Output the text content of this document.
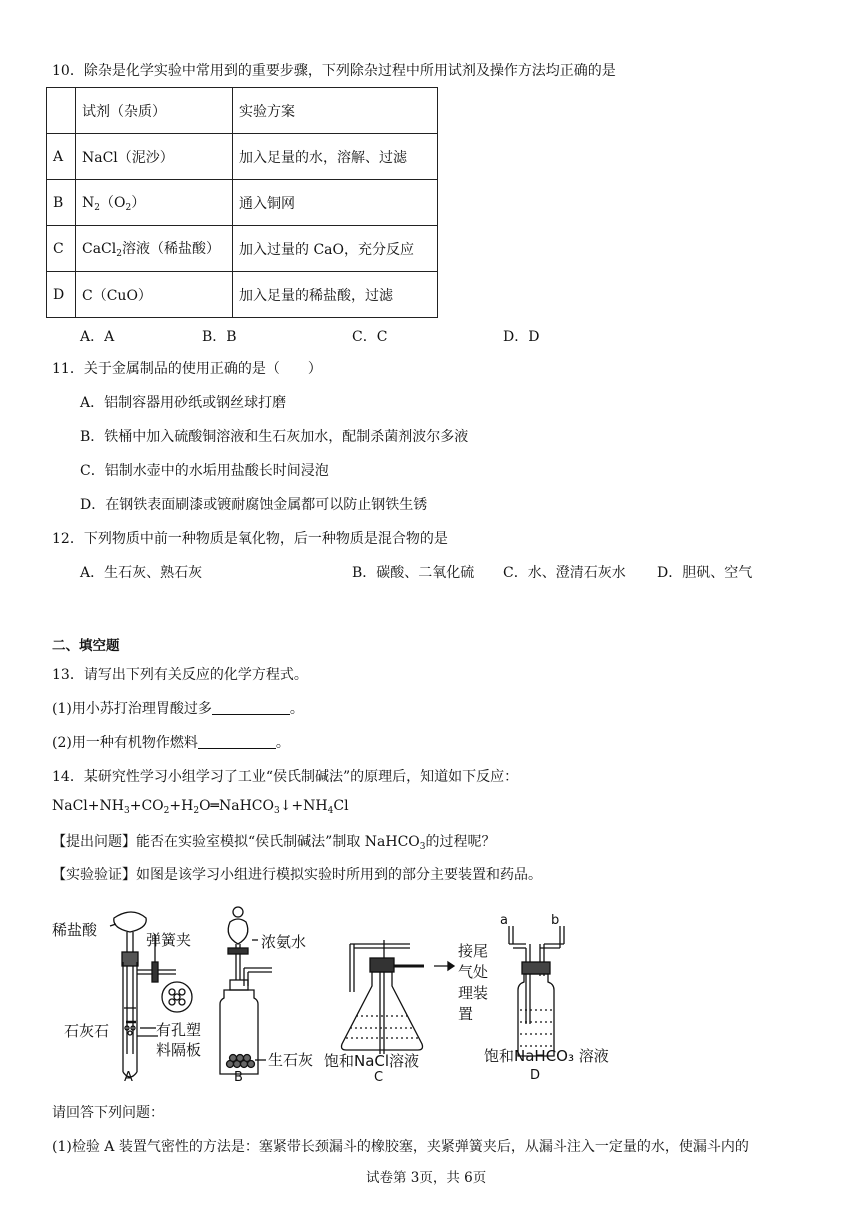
10．除杂是化学实验中常用到的重要步骤，下列除杂过程中所用试剂及操作方法均正确的是
	试剂（杂质）	实验方案
A	NaCl（泥沙）	加入足量的水，溶解、过滤
B	$N_2(O_2)$	通入铜网
C	CaCl$_2$溶液（稀盐酸）	加入过量的 CaO，充分反应
D	C（CuO）	加入足量的稀盐酸，过滤
A．A	B．B	C．C	D．D
11．关于金属制品的使用正确的是（　　）
A．铝制容器用砂纸或钢丝球打磨
B．铁桶中加入硫酸铜溶液和生石灰加水，配制杀菌剂波尔多液
C．铝制水壶中的水垢用盐酸长时间浸泡
D．在钢铁表面刷漆或镀耐腐蚀金属都可以防止钢铁生锈
12．下列物质中前一种物质是氧化物，后一种物质是混合物的是
A．生石灰、熟石灰	B．碳酸、二氧化硫 C．水、澄清石灰水 D．胆矾、空气
二、填空题
13．请写出下列有关反应的化学方程式。
(1)用小苏打治理胃酸过多	。
(2)用一种有机物作燃料	。
14．某研究性学习小组学习了工业“侯氏制碱法”的原理后，知道如下反应：
$NaCl+NH_3+CO_2+H_2O═NaHCO_3↓+NH_4Cl$
【提出问题】能否在实验室模拟“侯氏制碱法”制取 NaHCO$_3$的过程呢？
【实验验证】如图是该学习小组进行模拟实验时所用到的部分主要装置和药品。
稀盐酸
弹簧夹
石灰石	有孔塑
料隔板
A
浓氨水
生石灰
B
饱和NaCl溶液
C
接尾
气处
理装
置
a	b
饱和NaHCO₃ 溶液
D
请回答下列问题：
(1)检验 A 装置气密性的方法是：塞紧带长颈漏斗的橡胶塞，夹紧弹簧夹后，从漏斗注入一定量的水，使漏斗内的
试卷第 3页，共 6页
